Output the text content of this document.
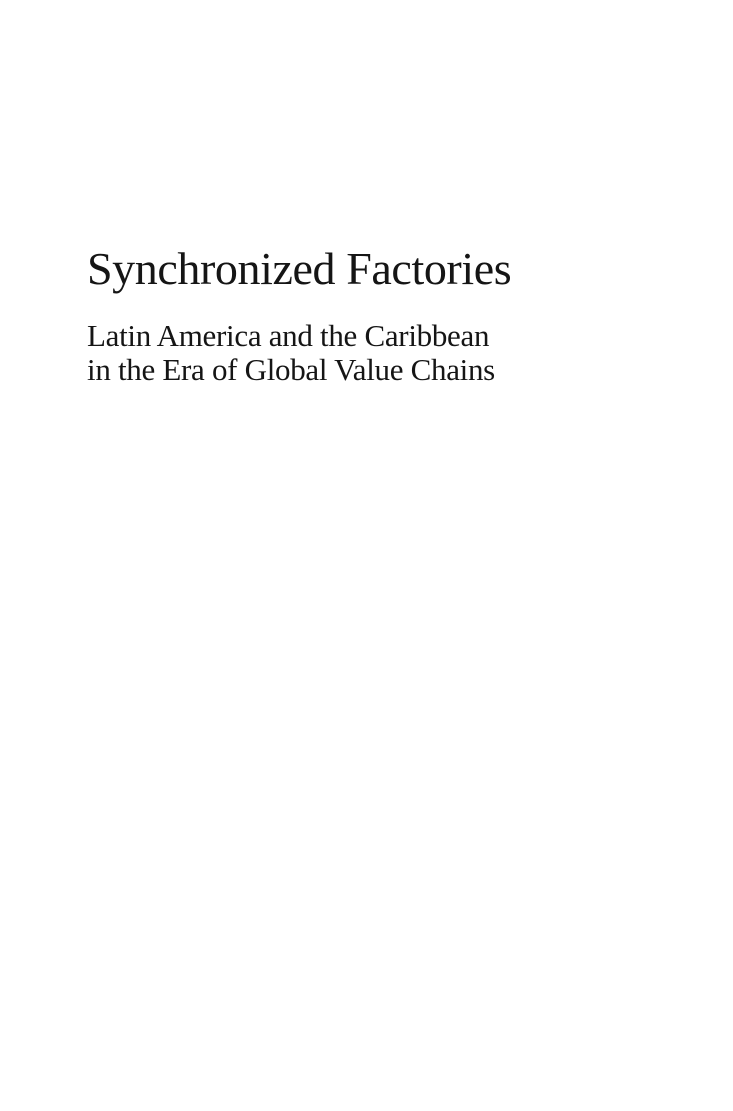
Synchronized Factories
Latin America and the Caribbean
in the Era of Global Value Chains
